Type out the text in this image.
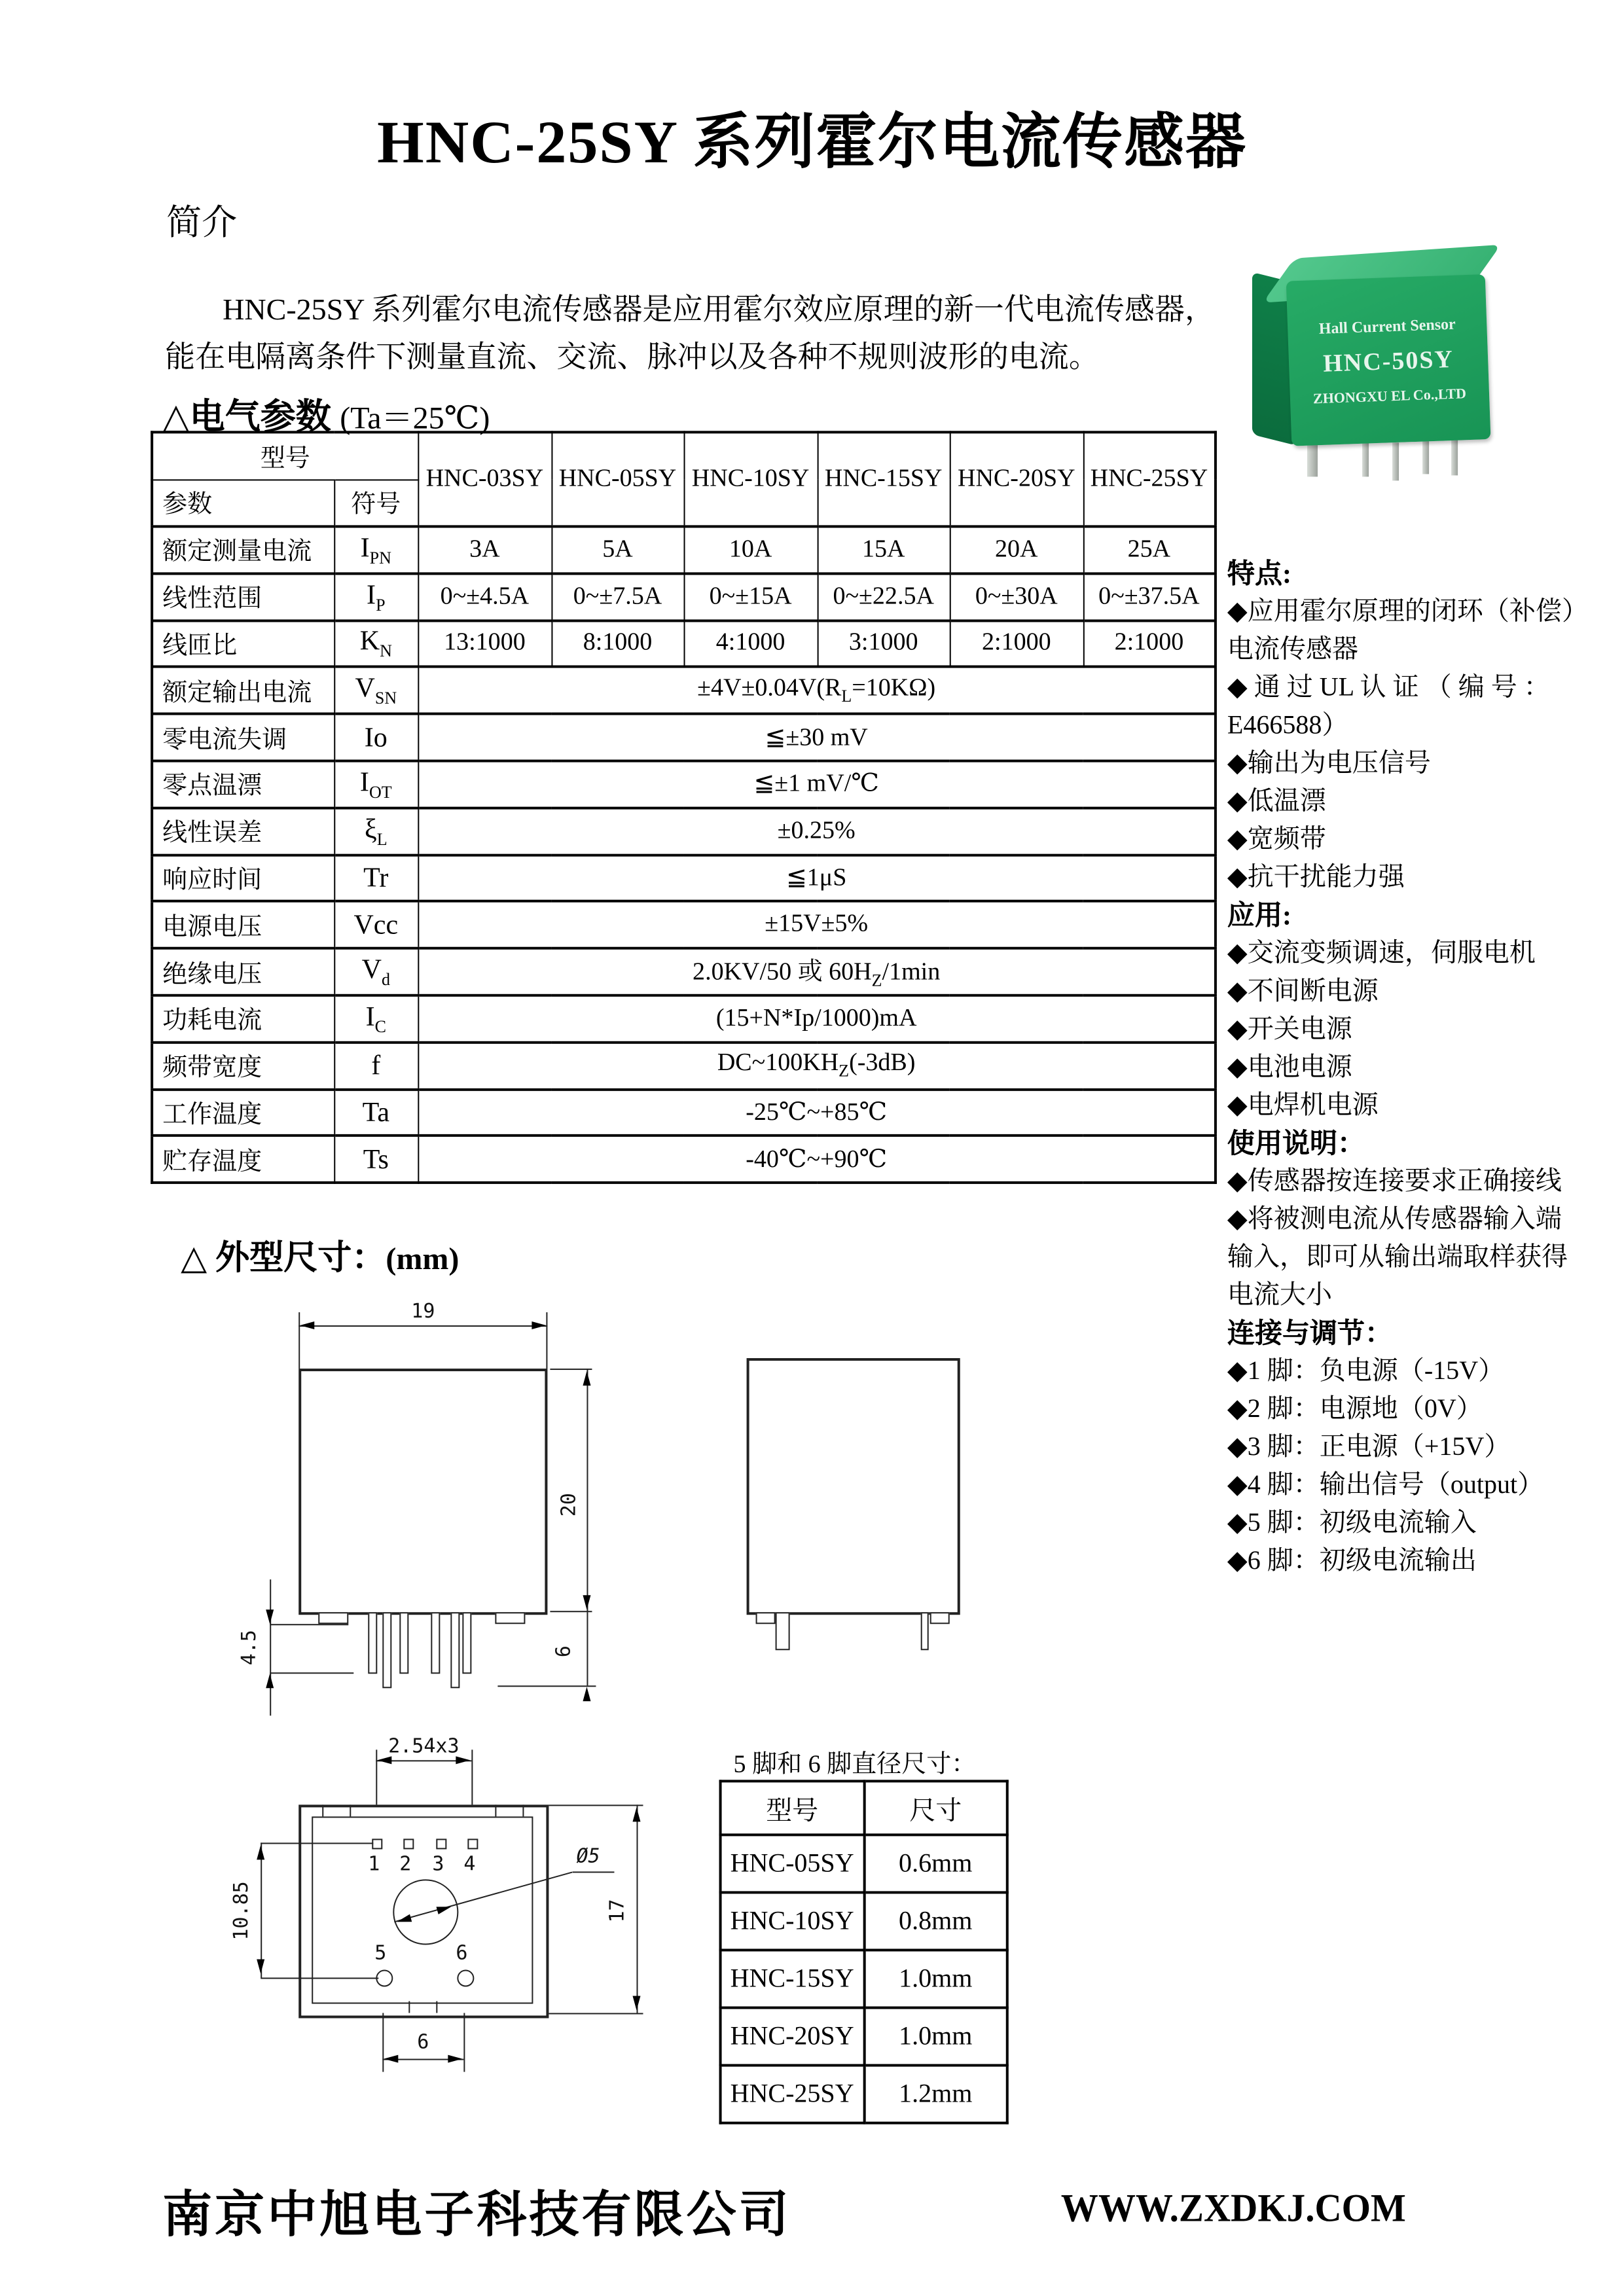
HNC-25SY 系列霍尔电流传感器
简介
HNC-25SY 系列霍尔电流传感器是应用霍尔效应原理的新一代电流传感器，
能在电隔离条件下测量直流、交流、脉冲以及各种不规则波形的电流。
△电气参数 (Ta＝25℃)
型号		HNC-03SY	HNC-05SY	HNC-10SY	HNC-15SY	HNC-20SY	HNC-25SY
参数	符号						
额定测量电流	$I_{PN}$	3A	5A	10A	15A	20A	25A
线性范围	$I_P$	0~±4.5A	0~±7.5A	0~±15A	0~±22.5A	0~±30A	0~±37.5A
线匝比	$K_N$	13:1000	8:1000	4:1000	3:1000	2:1000	2:1000
额定输出电流	$V_{SN}$	$\pm 4V\pm 0.04V(R_L=10K\Omega)$					
零电流失调	Io	≦±30 mV					
零点温漂	$I_{OT}$	≦±1 mV/℃					
线性误差	$\xi_L$	±0.25%					
响应时间	Tr	≦1μS					
电源电压	Vcc	±15V±5%					
绝缘电压	$V_d$	2.0KV/50 或 $60H_Z/1\min$					
功耗电流	$I_C$	(15+N*Ip/1000)mA					
频带宽度	f	$DC\sim 100KH_Z(-3dB)$					
工作温度	Ta	-25℃~+85℃					
贮存温度	Ts	-40℃~+90℃					
Hall Current Sensor
HNC-50SY
ZHONGXU EL Co.,LTD
特点:
◆应用霍尔原理的闭环（补偿）
电流传感器
◆ 通 过 UL 认 证 （ 编 号 ：
E466588）
◆输出为电压信号
◆低温漂
◆宽频带
◆抗干扰能力强
应用:
◆交流变频调速，伺服电机
◆不间断电源
◆开关电源
◆电池电源
◆电焊机电源
使用说明：
◆传感器按连接要求正确接线
◆将被测电流从传感器输入端
输入，即可从输出端取样获得
电流大小
连接与调节：
◆1 脚：负电源（-15V）
◆2 脚：电源地（0V）
◆3 脚：正电源（+15V）
◆4 脚：输出信号（output）
◆5 脚：初级电流输入
◆6 脚：初级电流输出
△ 外型尺寸：(mm)
19
20
4.5	6
2.54x3
1	2	3	4	Ø5
5	6
10.85	17
6
5 脚和 6 脚直径尺寸：
型号	尺寸
HNC-05SY	0.6mm
HNC-10SY	0.8mm
HNC-15SY	1.0mm
HNC-20SY	1.0mm
HNC-25SY	1.2mm
南京中旭电子科技有限公司	WWW.ZXDKJ.COM
